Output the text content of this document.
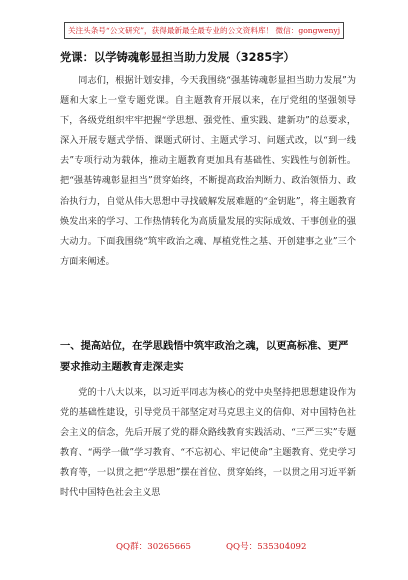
关注头条号“公文研究”，获得最新最全最专业的公文资料库！ 微信：gongwenyj
党课：以学铸魂彰显担当助力发展（3285字）

同志们，根据计划安排，今天我围绕“强基铸魂彰显担当助力发展”为题和大家上一堂专题党课。自主题教育开展以来，在厅党组的坚强领导下，各级党组织牢牢把握“学思想、强党性、重实践、建新功”的总要求，深入开展专题式学悟、课题式研讨、主题式学习、问题式改，以“到一线去”专项行动为载体，推动主题教育更加具有基础性、实践性与创新性。把“强基铸魂彰显担当”贯穿始终，不断提高政治判断力、政治领悟力、政治执行力，自觉从伟大思想中寻找破解发展难题的“金钥匙”，将主题教育焕发出来的学习、工作热情转化为高质量发展的实际成效、干事创业的强大动力。下面我围绕“筑牢政治之魂、厚植党性之基、开创建事之业”三个方面来阐述。

一、提高站位，在学思践悟中筑牢政治之魂，以更高标准、更严要求推动主题教育走深走实

党的十八大以来，以习近平同志为核心的党中央坚持把思想建设作为党的基础性建设，引导党员干部坚定对马克思主义的信仰、对中国特色社会主义的信念，先后开展了党的群众路线教育实践活动、“三严三实”专题教育、“两学一做”学习教育、“不忘初心、牢记使命”主题教育、党史学习教育等，一以贯之把“学思想”摆在首位、贯穿始终，一以贯之用习近平新时代中国特色社会主义思

QQ群：30265665	QQ号：535304092
